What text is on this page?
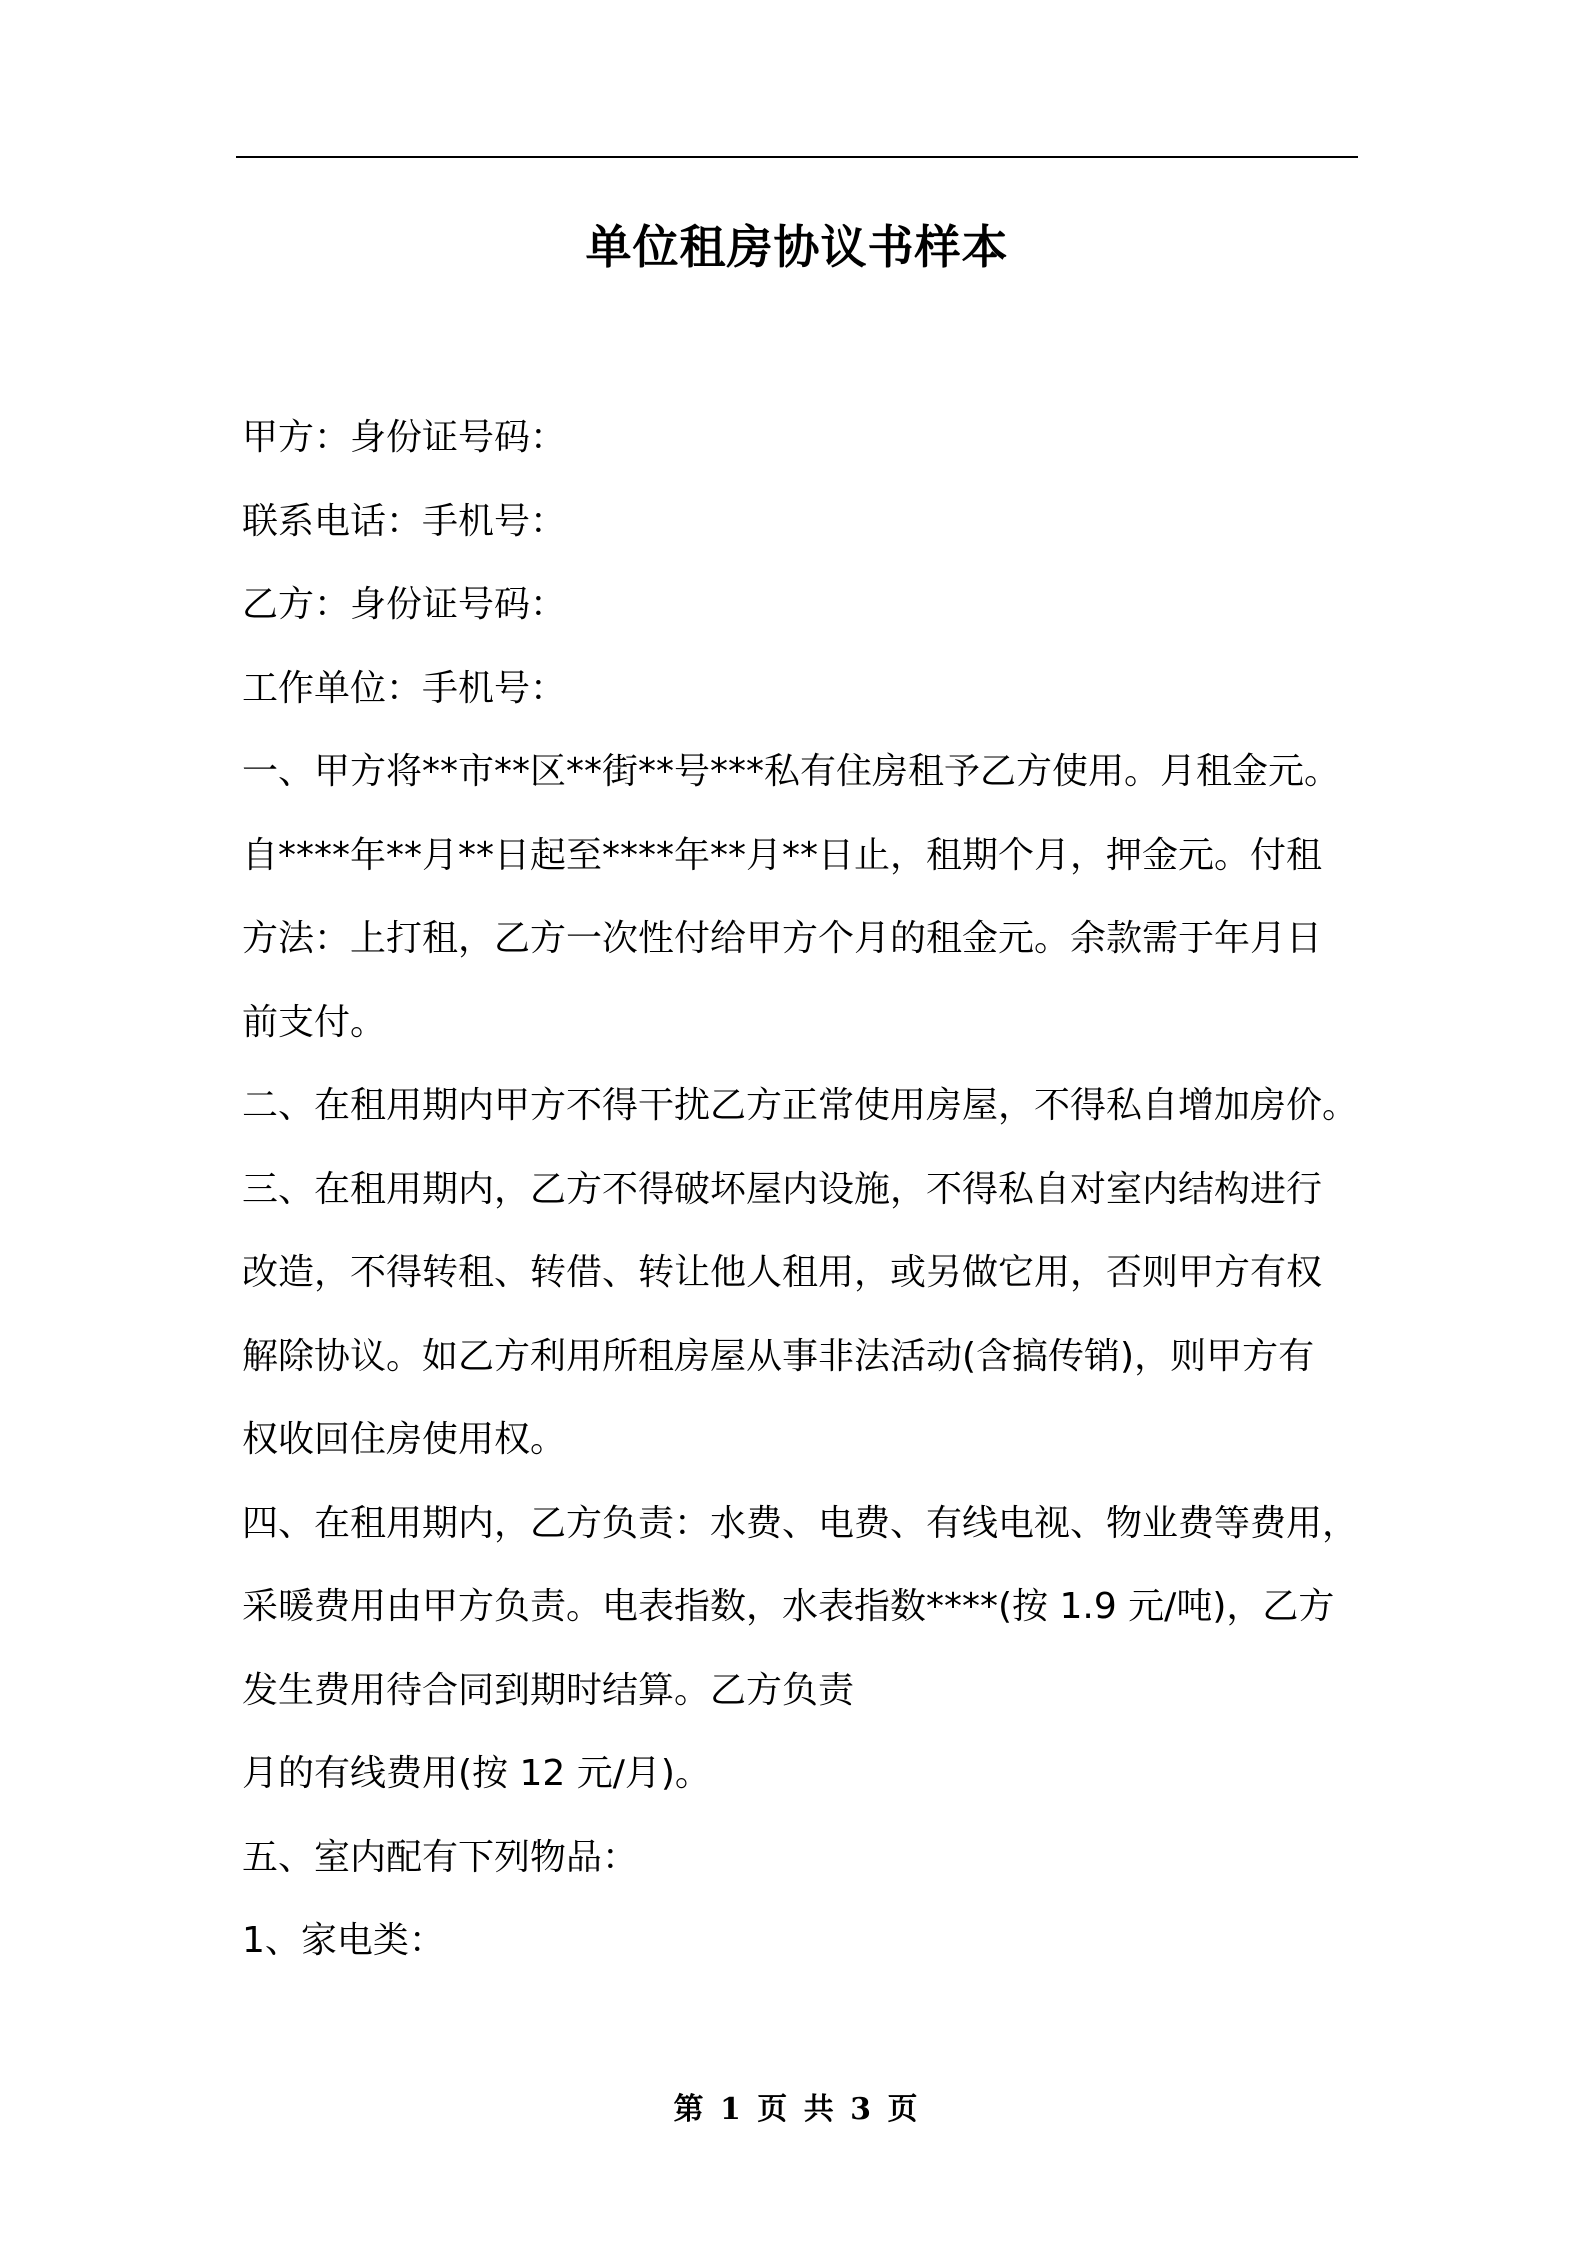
单位租房协议书样本

甲方：身份证号码：

联系电话：手机号：

乙方：身份证号码：

工作单位：手机号：

一、甲方将**市**区**街**号***私有住房租予乙方使用。月租金元。

自****年**月**日起至****年**月**日止，租期个月，押金元。付租

方法：上打租，乙方一次性付给甲方个月的租金元。余款需于年月日

前支付。

二、在租用期内甲方不得干扰乙方正常使用房屋，不得私自增加房价。

三、在租用期内，乙方不得破坏屋内设施，不得私自对室内结构进行

改造，不得转租、转借、转让他人租用，或另做它用，否则甲方有权

解除协议。如乙方利用所租房屋从事非法活动(含搞传销)，则甲方有

权收回住房使用权。

四、在租用期内，乙方负责：水费、电费、有线电视、物业费等费用，

采暖费用由甲方负责。电表指数，水表指数****(按 1.9 元/吨)，乙方

发生费用待合同到期时结算。乙方负责

月的有线费用(按 12 元/月)。

五、室内配有下列物品：

1、家电类：

第 1 页 共 3 页
